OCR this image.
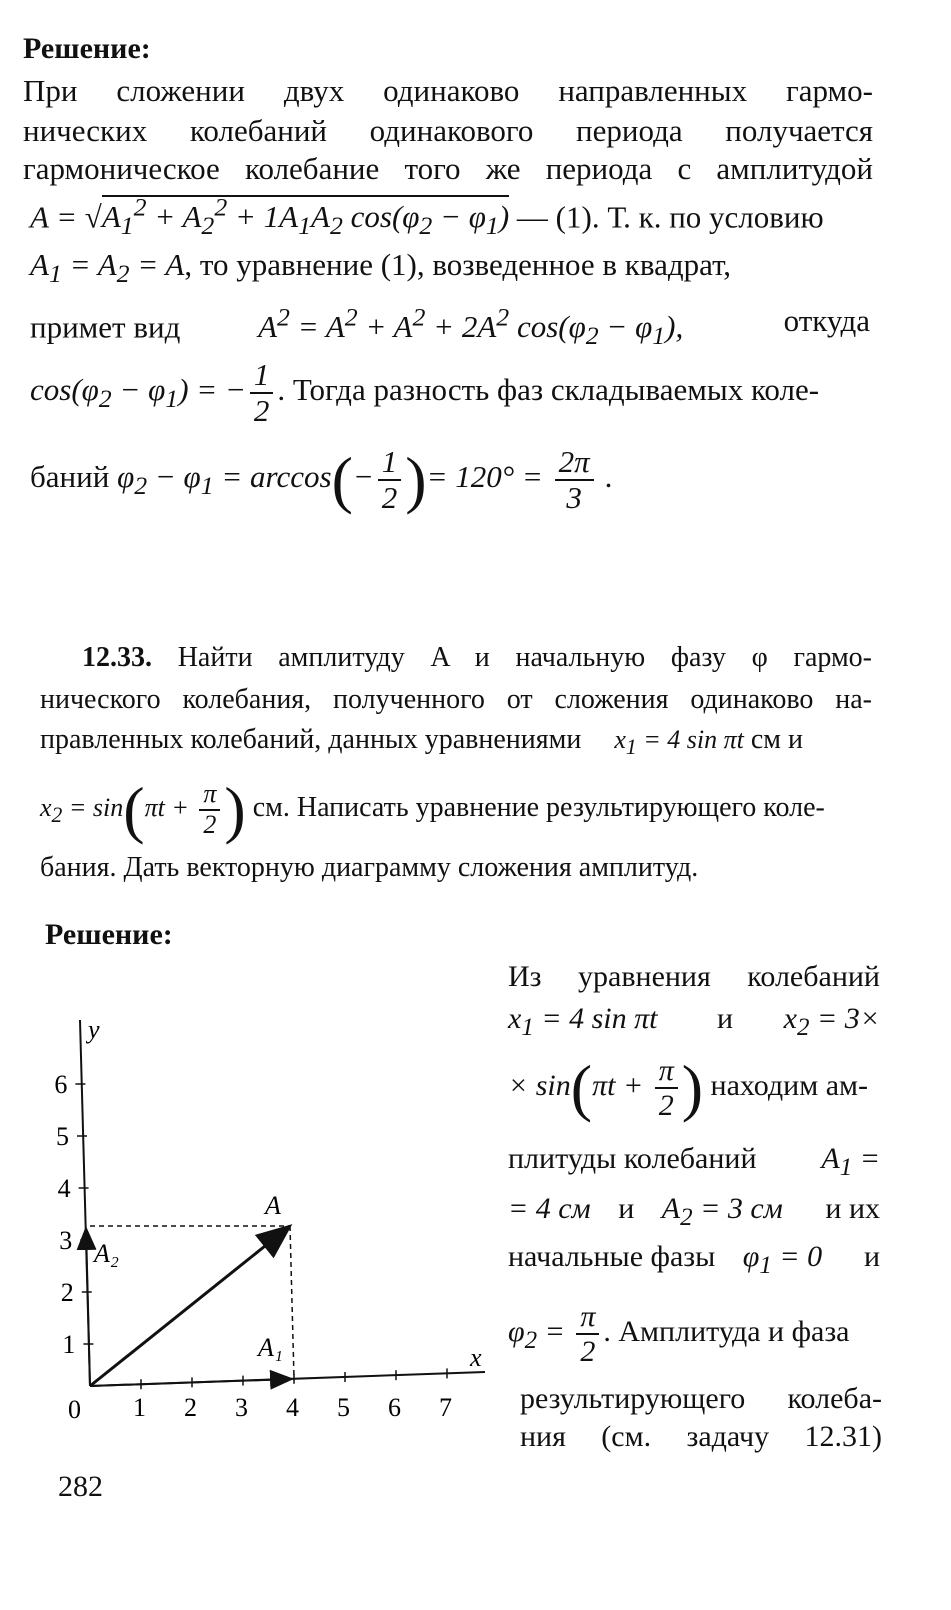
Решение:
При сложении двух одинаково направленных гармо-
нических колебаний одинакового периода получается
гармоническое колебание того же периода с амплитудой
$A = √A_1^2 + A_2^2 + 1A_1A_2$ $\cos(\varphi_2 - \varphi_1)$ — (1). Т. к. по условию
$A_1 = A_2 = A$, то уравнение (1), возведенное в квадрат,
примет вид	$A^2 = A^2 + A^2 + 2A^2$ $\cos(\varphi_2 - \varphi_1)$,	откуда
$\cos(\varphi_2 - \varphi_1)$ = − $\frac{1}{2}$ . Тогда разность фаз складываемых коле-
баний $\varphi_2 - \varphi_1 = \arccos(- \frac{1}{2}$ )= $120^\circ = \frac{2\pi}{3}$ .
12.33. Найти амплитуду A и начальную фазу φ гармо-
нического колебания, полученного от сложения одинаково на-
правленных колебаний, данных уравнениями $x_1 = 4$ sin πt см и
$x_2 = \sin(\pi t + \frac{\pi}{2}$ ) см. Написать уравнение результирующего коле-
бания. Дать векторную диаграмму сложения амплитуд.
Решение:
1 2 3 4 5 6 7
1
2
3
4
5
6
y
x
0
A
A₁
A₂
Из уравнения колебаний
$x_1 = 4$ sin πt и $x_2 = 3\times$
× $\sin(\pi t + \frac{\pi}{2}$ ) находим ам-
плитуды колебаний $A_1$ =
= 4 см и $A_2 = 3$ см и их
начальные фазы $\varphi_1 = 0$ и
$\varphi_2 = \frac{\pi}{2}$ . Амплитуда и фаза
результирующего колеба-
ния (см. задачу 12.31)
282
